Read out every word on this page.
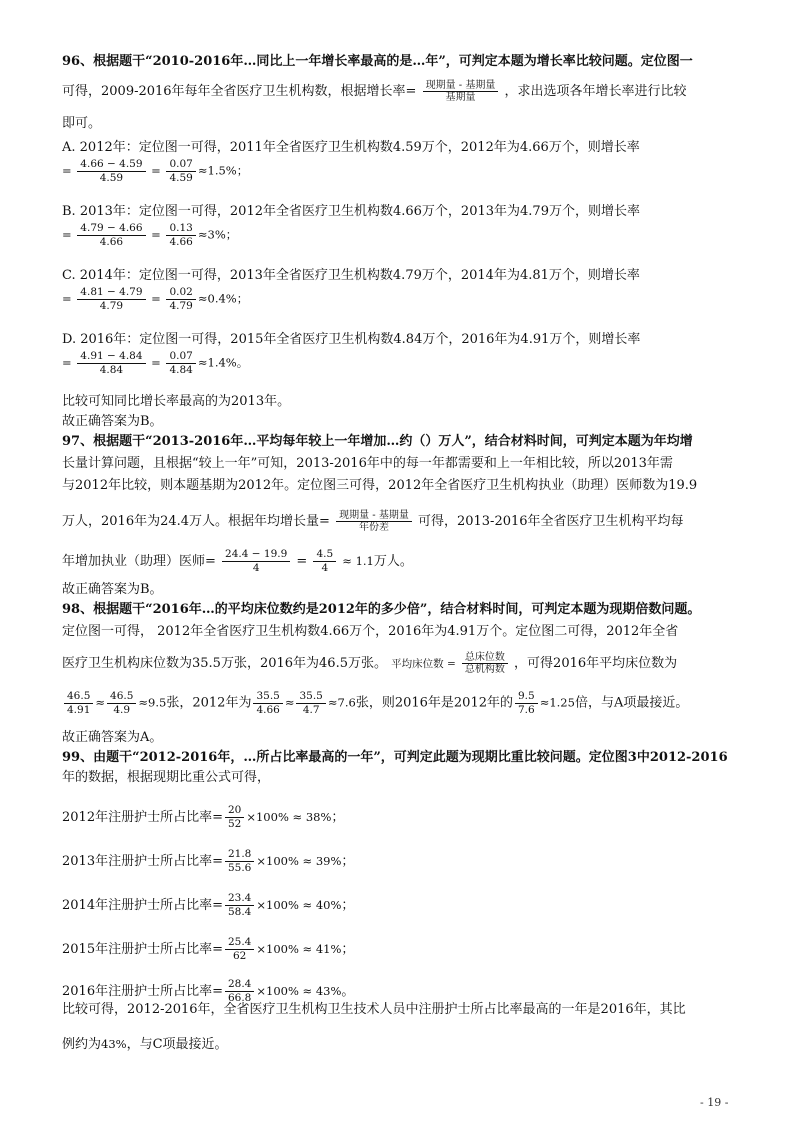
96、根据题干“2010-2016年…同比上一年增长率最高的是…年”，可判定本题为增长率比较问题。定位图一
可得，2009-2016年每年全省医疗卫生机构数，根据增长率= $\frac{\text{现期量 - 基期量}}{\text{基期量}}$ ，求出选项各年增长率进行比较
即可。
A. 2012年：定位图一可得，2011年全省医疗卫生机构数4.59万个，2012年为4.66万个，则增长率
= $\frac{4.66 - 4.59}{4.59} = \frac{0.07}{4.59} \approx 1.5\%$；
B. 2013年：定位图一可得，2012年全省医疗卫生机构数4.66万个，2013年为4.79万个，则增长率
= $\frac{4.79 - 4.66}{4.66} = \frac{0.13}{4.66} \approx 3\%$；
C. 2014年：定位图一可得，2013年全省医疗卫生机构数4.79万个，2014年为4.81万个，则增长率
= $\frac{4.81 - 4.79}{4.79} = \frac{0.02}{4.79} \approx 0.4\%$；
D. 2016年：定位图一可得，2015年全省医疗卫生机构数4.84万个，2016年为4.91万个，则增长率
= $\frac{4.91 - 4.84}{4.84} = \frac{0.07}{4.84} \approx 1.4\%$。
比较可知同比增长率最高的为2013年。
故正确答案为B。
97、根据题干“2013-2016年…平均每年较上一年增加…约（）万人”，结合材料时间，可判定本题为年均增
长量计算问题，且根据“较上一年”可知，2013-2016年中的每一年都需要和上一年相比较，所以2013年需
与2012年比较，则本题基期为2012年。定位图三可得，2012年全省医疗卫生机构执业（助理）医师数为19.9
万人，2016年为24.4万人。根据年均增长量= $\frac{\text{现期量 - 基期量}}{\text{年份差}}$ 可得，2013-2016年全省医疗卫生机构平均每
年增加执业（助理）医师= $\frac{24.4 - 19.9}{4} = \frac{4.5}{4} \approx 1.1$万人。
故正确答案为B。
98、根据题干“2016年…的平均床位数约是2012年的多少倍”，结合材料时间，可判定本题为现期倍数问题。
定位图一可得， 2012年全省医疗卫生机构数4.66万个，2016年为4.91万个。定位图二可得，2012年全省
医疗卫生机构床位数为35.5万张，2016年为46.5万张。 平均床位数 = $\frac{\text{总床位数}}{\text{总机构数}}$ ，可得2016年平均床位数为
$\frac{46.5}{4.91} \approx \frac{46.5}{4.9} \approx 9.5$张，2012年为 $\frac{35.5}{4.66} \approx \frac{35.5}{4.7} \approx 7.6$张，则2016年是2012年的 $\frac{9.5}{7.6} \approx 1.25$倍，与A项最接近。
故正确答案为A。
99、由题干“2012-2016年，…所占比率最高的一年”，可判定此题为现期比重比较问题。定位图3中2012-2016
年的数据，根据现期比重公式可得，
2012年注册护士所占比率= $\frac{20}{52} \times 100\% \approx 38\%$；
2013年注册护士所占比率= $\frac{21.8}{55.6} \times 100\% \approx 39\%$；
2014年注册护士所占比率= $\frac{23.4}{58.4} \times 100\% \approx 40\%$；
2015年注册护士所占比率= $\frac{25.4}{62} \times 100\% \approx 41\%$；
2016年注册护士所占比率= $\frac{28.4}{66.8} \times 100\% \approx 43\%$。
比较可得，2012-2016年，全省医疗卫生机构卫生技术人员中注册护士所占比率最高的一年是2016年，其比
例约为43%，与C项最接近。
- 19 -
